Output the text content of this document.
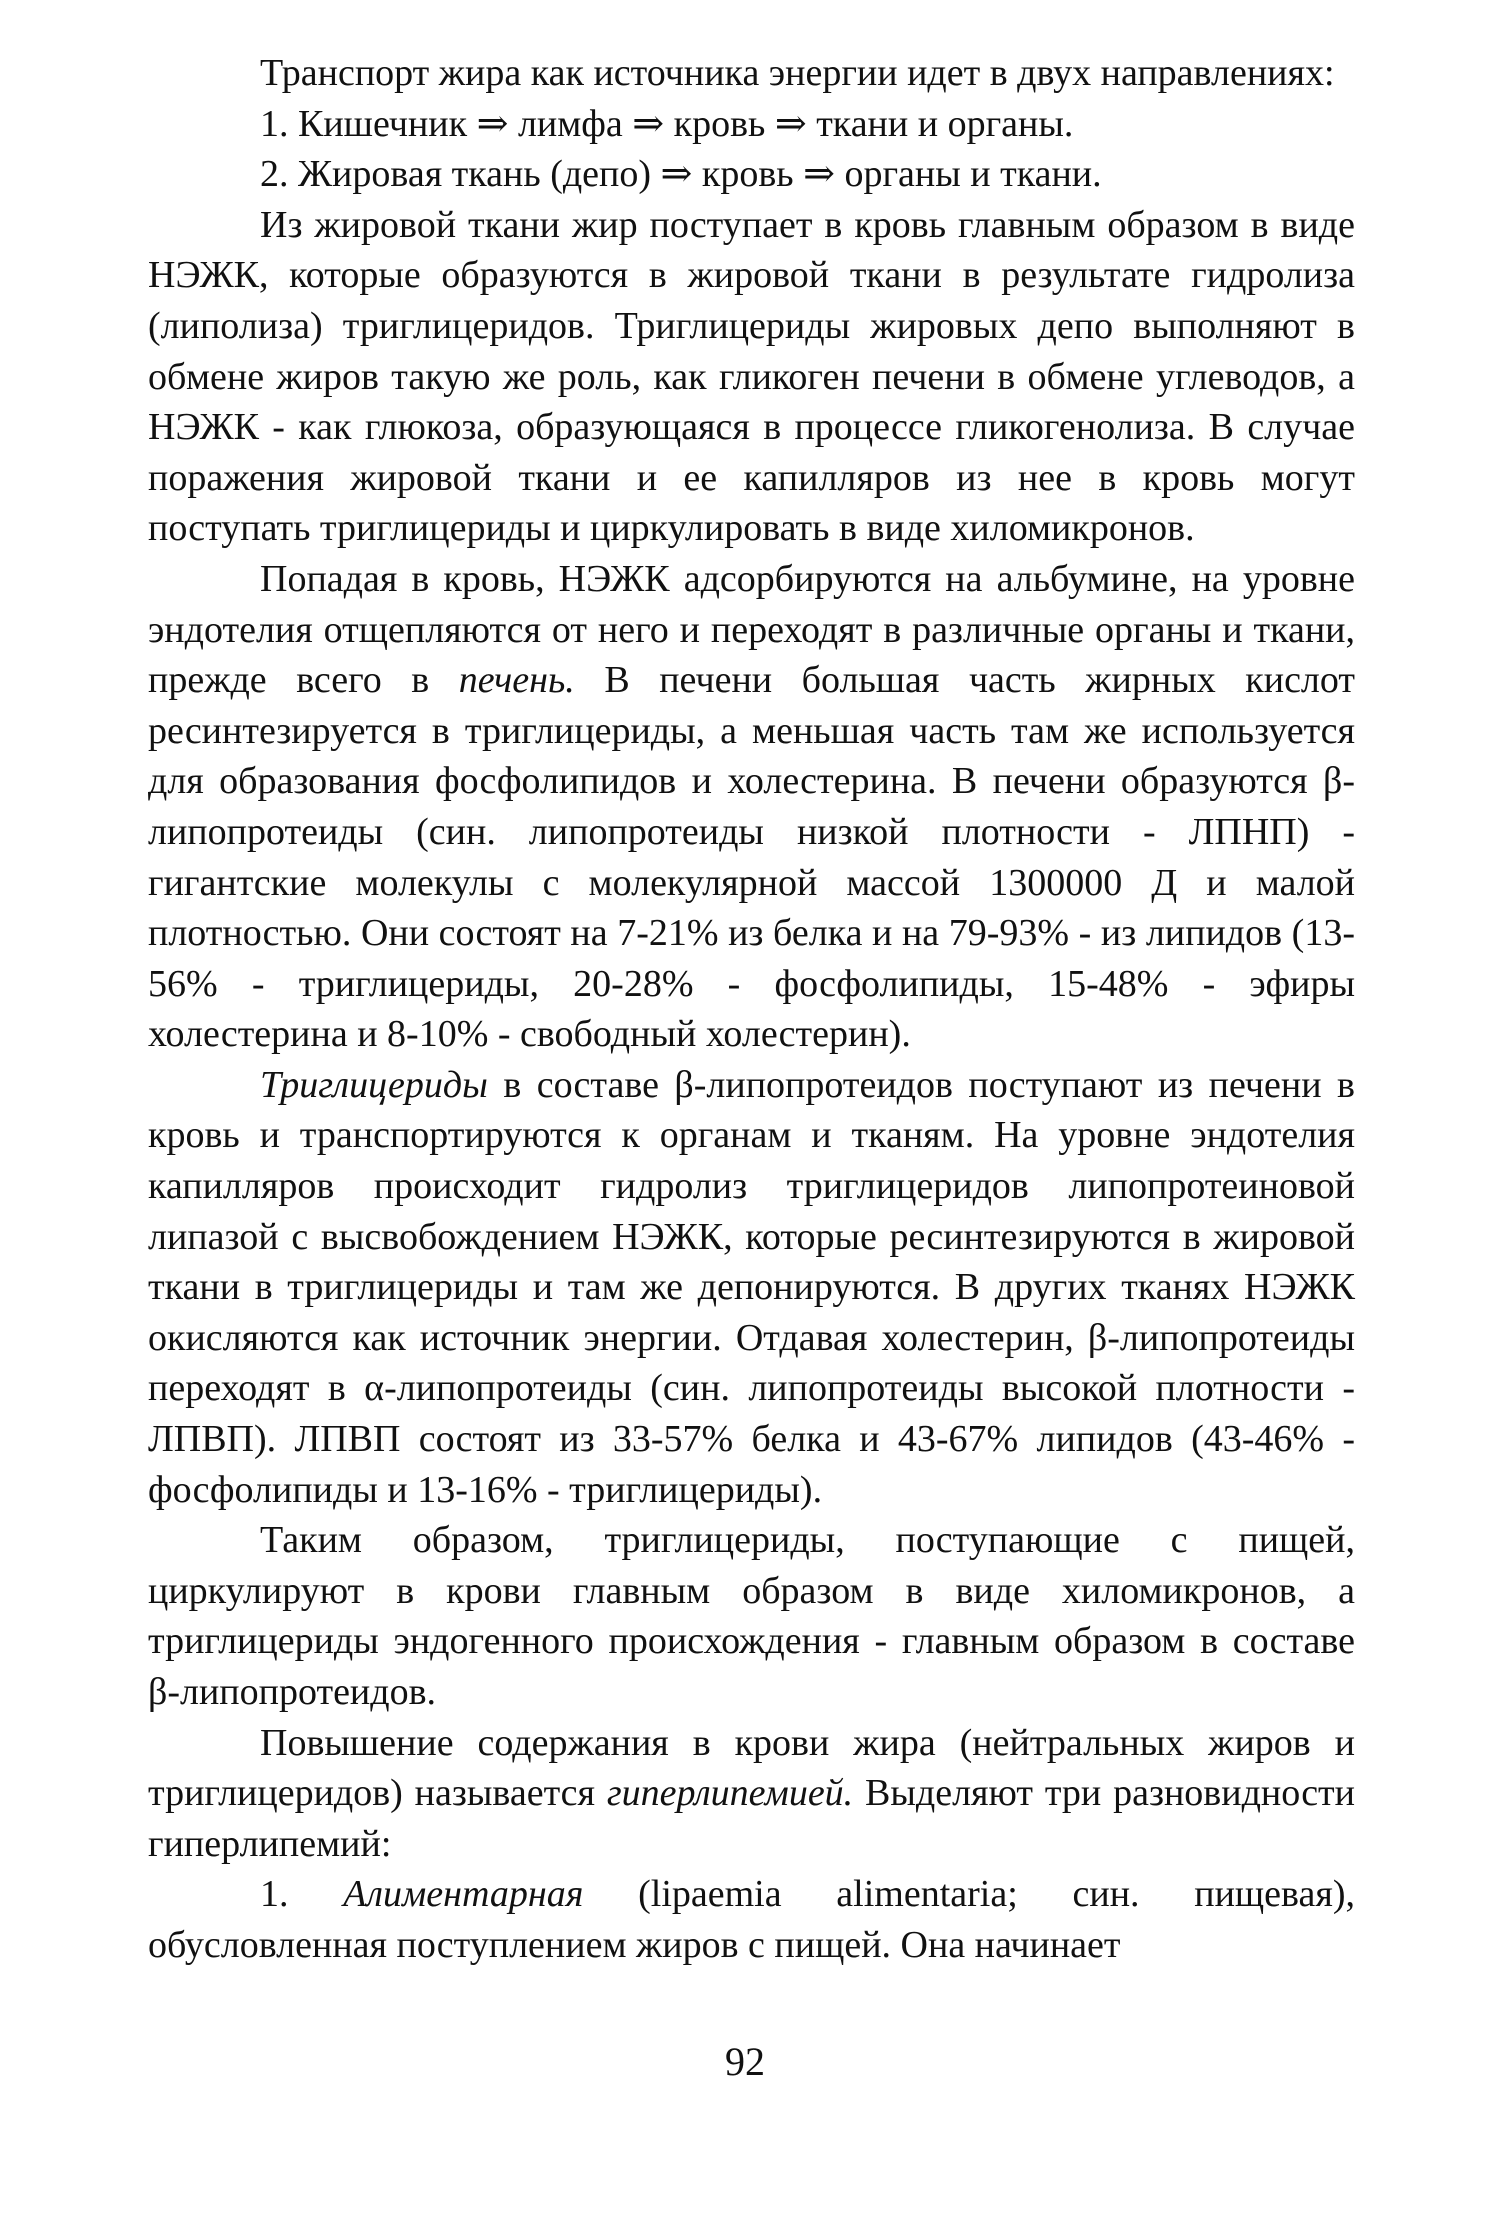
Транспорт жира как источника энергии идет в двух направлениях:

1. Кишечник ⇒ лимфа ⇒ кровь ⇒ ткани и органы.

2. Жировая ткань (депо) ⇒ кровь ⇒ органы и ткани.

Из жировой ткани жир поступает в кровь главным образом в виде НЭЖК, которые образуются в жировой ткани в результате гидролиза (липолиза) триглицеридов. Триглицериды жировых депо выполняют в обмене жиров такую же роль, как гликоген печени в обмене углеводов, а НЭЖК - как глюкоза, образующаяся в процессе гликогенолиза. В случае поражения жировой ткани и ее капилляров из нее в кровь могут поступать триглицериды и циркулировать в виде хиломикронов.

Попадая в кровь, НЭЖК адсорбируются на альбумине, на уровне эндотелия отщепляются от него и переходят в различные органы и ткани, прежде всего в печень. В печени большая часть жирных кислот ресинтезируется в триглицериды, а меньшая часть там же используется для образования фосфолипидов и холестерина. В печени образуются β-липопротеиды (син. липопротеиды низкой плотности - ЛПНП) - гигантские молекулы с молекулярной массой 1300000 Д и малой плотностью. Они состоят на 7-21% из белка и на 79-93% - из липидов (13-56% - триглицериды, 20-28% - фосфолипиды, 15-48% - эфиры холестерина и 8-10% - свободный холестерин).

Триглицериды в составе β-липопротеидов поступают из печени в кровь и транспортируются к органам и тканям. На уровне эндотелия капилляров происходит гидролиз триглицеридов липопротеиновой липазой с высвобождением НЭЖК, которые ресинтезируются в жировой ткани в триглицериды и там же депонируются. В других тканях НЭЖК окисляются как источник энергии. Отдавая холестерин, β-липопротеиды переходят в α-липопротеиды (син. липопротеиды высокой плотности - ЛПВП). ЛПВП состоят из 33-57% белка и 43-67% липидов (43-46% - фосфолипиды и 13-16% - триглицериды).

Таким образом, триглицериды, поступающие с пищей, циркулируют в крови главным образом в виде хиломикронов, а триглицериды эндогенного происхождения - главным образом в составе β-липопротеидов.

Повышение содержания в крови жира (нейтральных жиров и триглицеридов) называется гиперлипемией. Выделяют три разновидности гиперлипемий:

1. Алиментарная (lipaemia alimentaria; син. пищевая), обусловленная поступлением жиров с пищей. Она начинает

92
